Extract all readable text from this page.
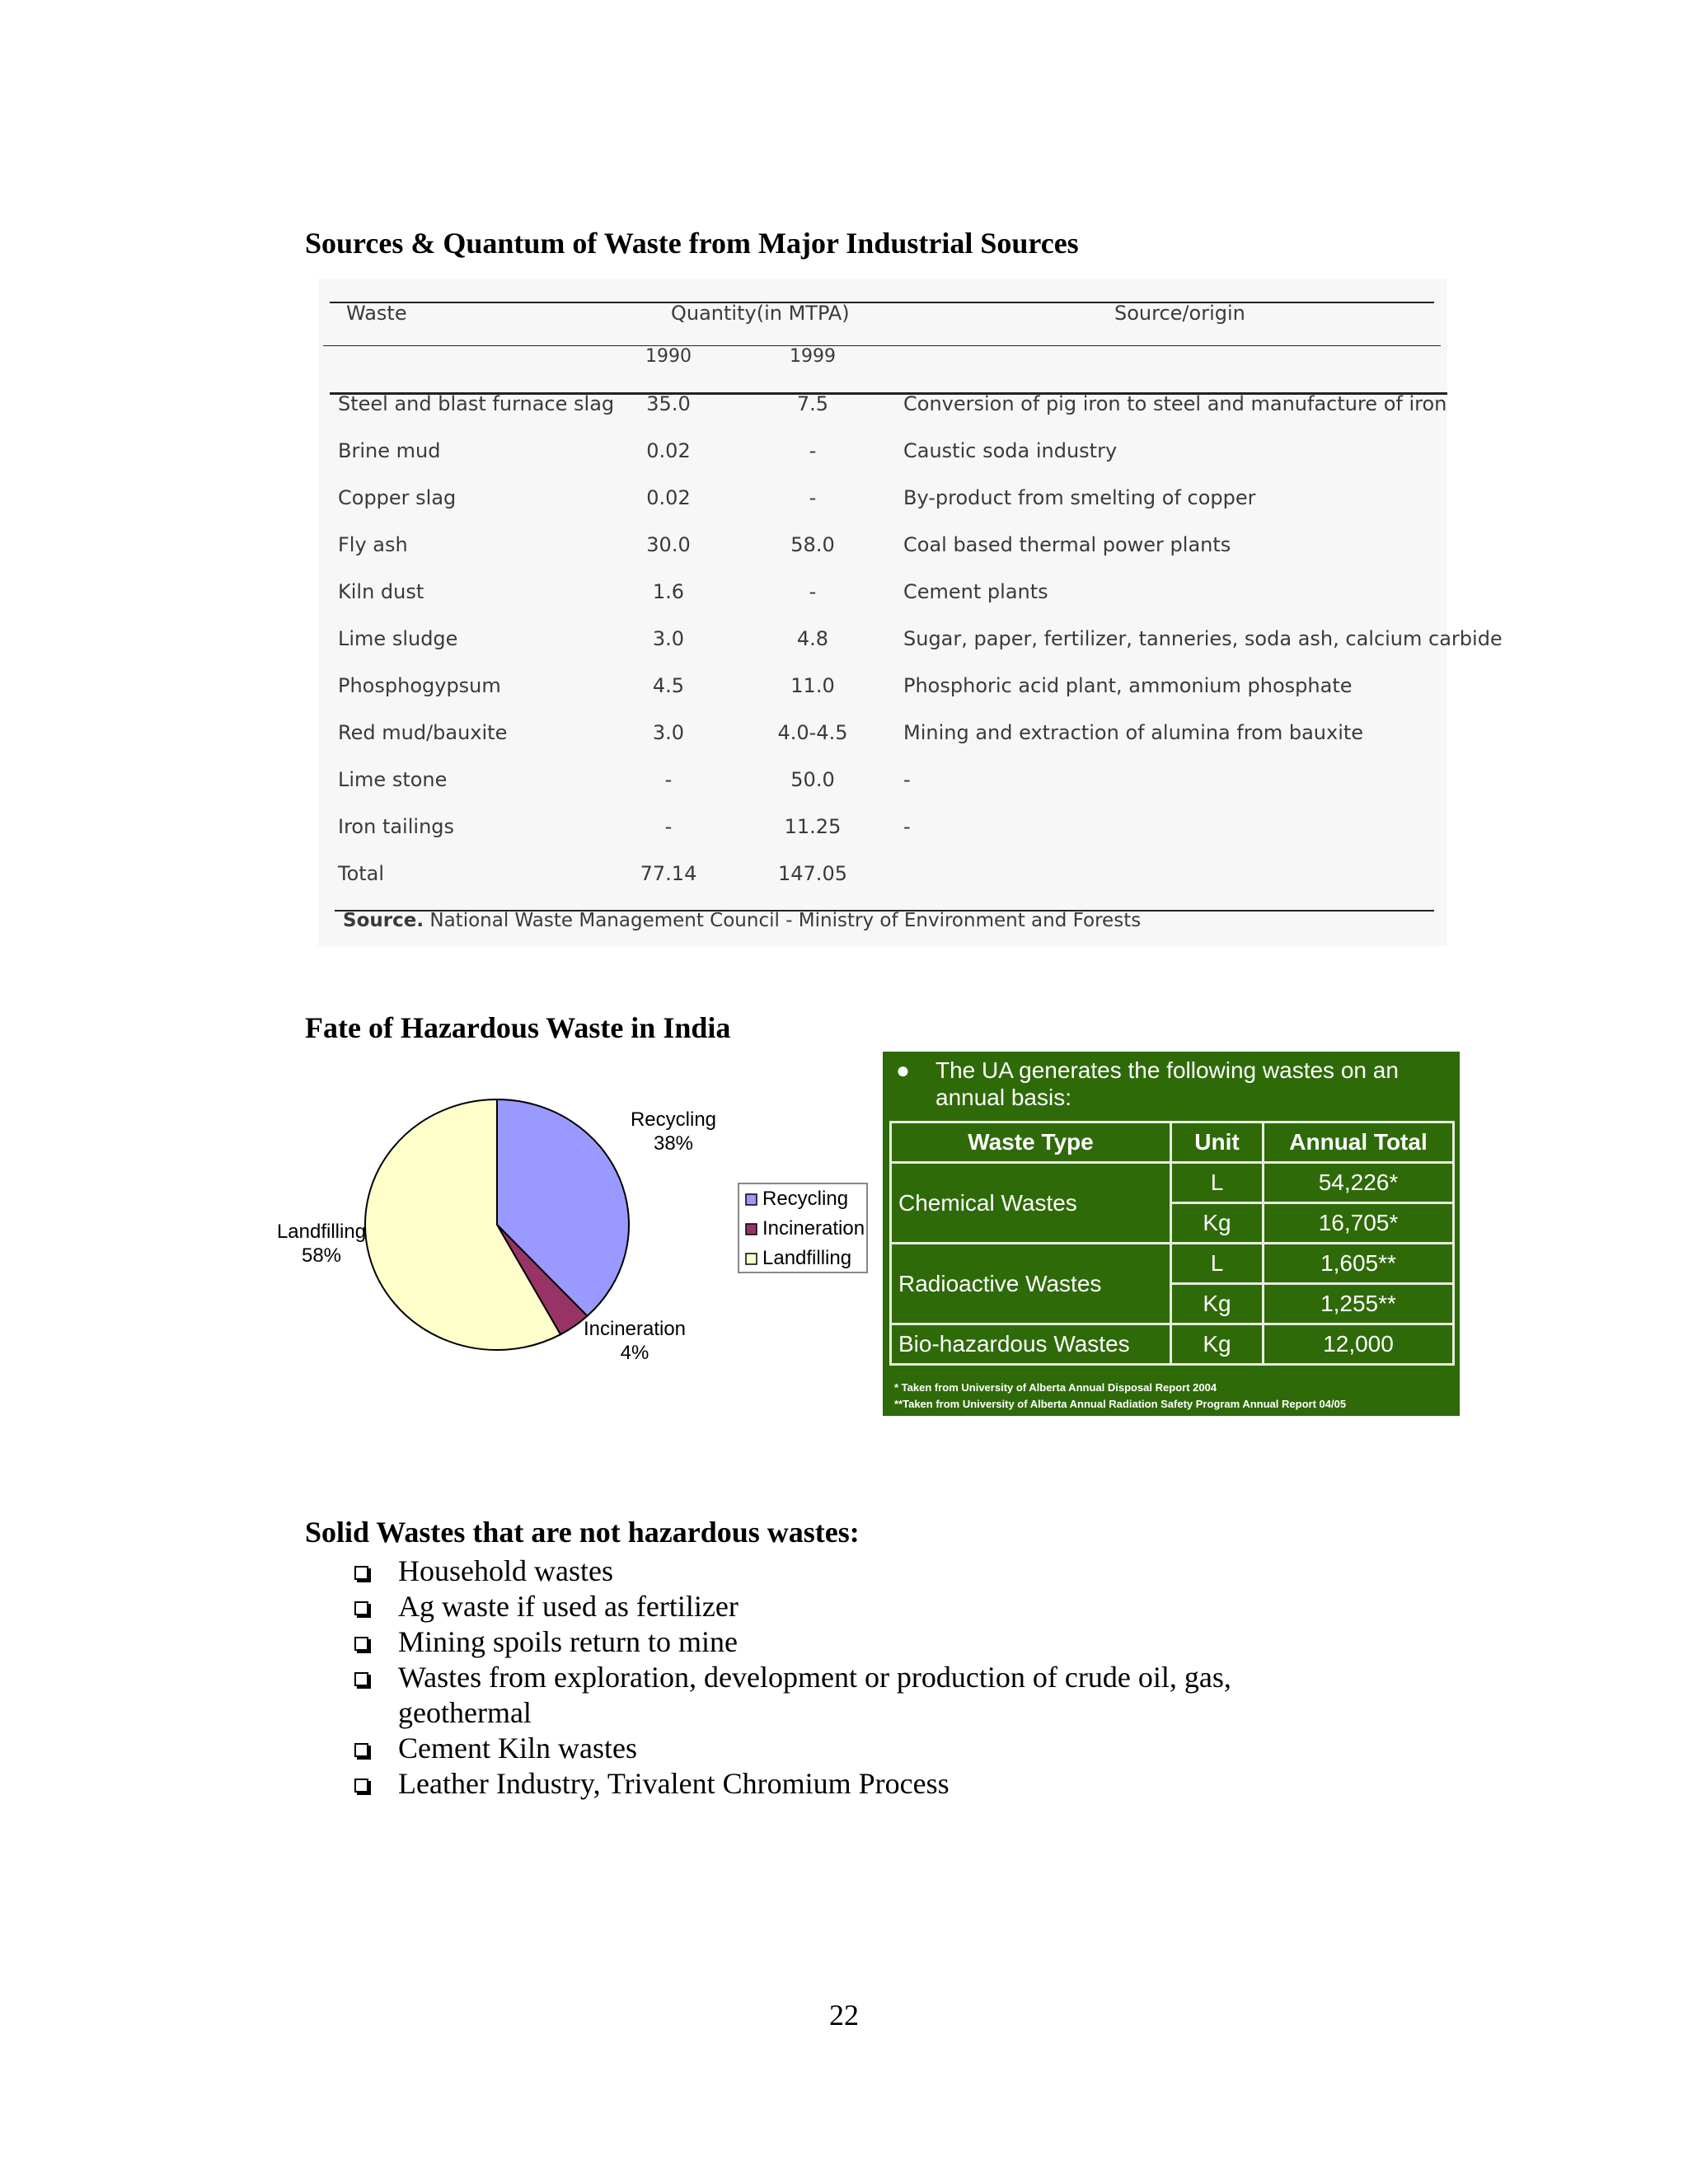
Sources & Quantum of Waste from Major Industrial Sources
Waste	Quantity(in MTPA)	Source/origin
1990	1999
Steel and blast furnace slag	35.0	7.5	Conversion of pig iron to steel and manufacture of iron
Brine mud	0.02	-	Caustic soda industry
Copper slag	0.02	-	By-product from smelting of copper
Fly ash	30.0	58.0	Coal based thermal power plants
Kiln dust	1.6	-	Cement plants
Lime sludge	3.0	4.8	Sugar, paper, fertilizer, tanneries, soda ash, calcium carbide
Phosphogypsum	4.5	11.0	Phosphoric acid plant, ammonium phosphate
Red mud/bauxite	3.0	4.0-4.5	Mining and extraction of alumina from bauxite
Lime stone	-	50.0	-
Iron tailings	-	11.25	-
Total	77.14	147.05
Source. National Waste Management Council - Ministry of Environment and Forests
Fate of Hazardous Waste in India
Recycling 38%
Incineration 4%
Landfilling 58%
Recycling
Incineration
Landfilling
●	The UA generates the following wastes on an annual basis:
Waste Type	Unit	Annual Total
Chemical Wastes	L	54,226*
	Kg	16,705*
Radioactive Wastes	L	1,605**
	Kg	1,255**
Bio-hazardous Wastes	Kg	12,000
* Taken from University of Alberta Annual Disposal Report 2004
**Taken from University of Alberta Annual Radiation Safety Program Annual Report 04/05
Solid Wastes that are not hazardous wastes:
Household wastes
Ag waste if used as fertilizer
Mining spoils return to mine
Wastes from exploration, development or production of crude oil, gas,
geothermal
Cement Kiln wastes
Leather Industry, Trivalent Chromium Process
22
